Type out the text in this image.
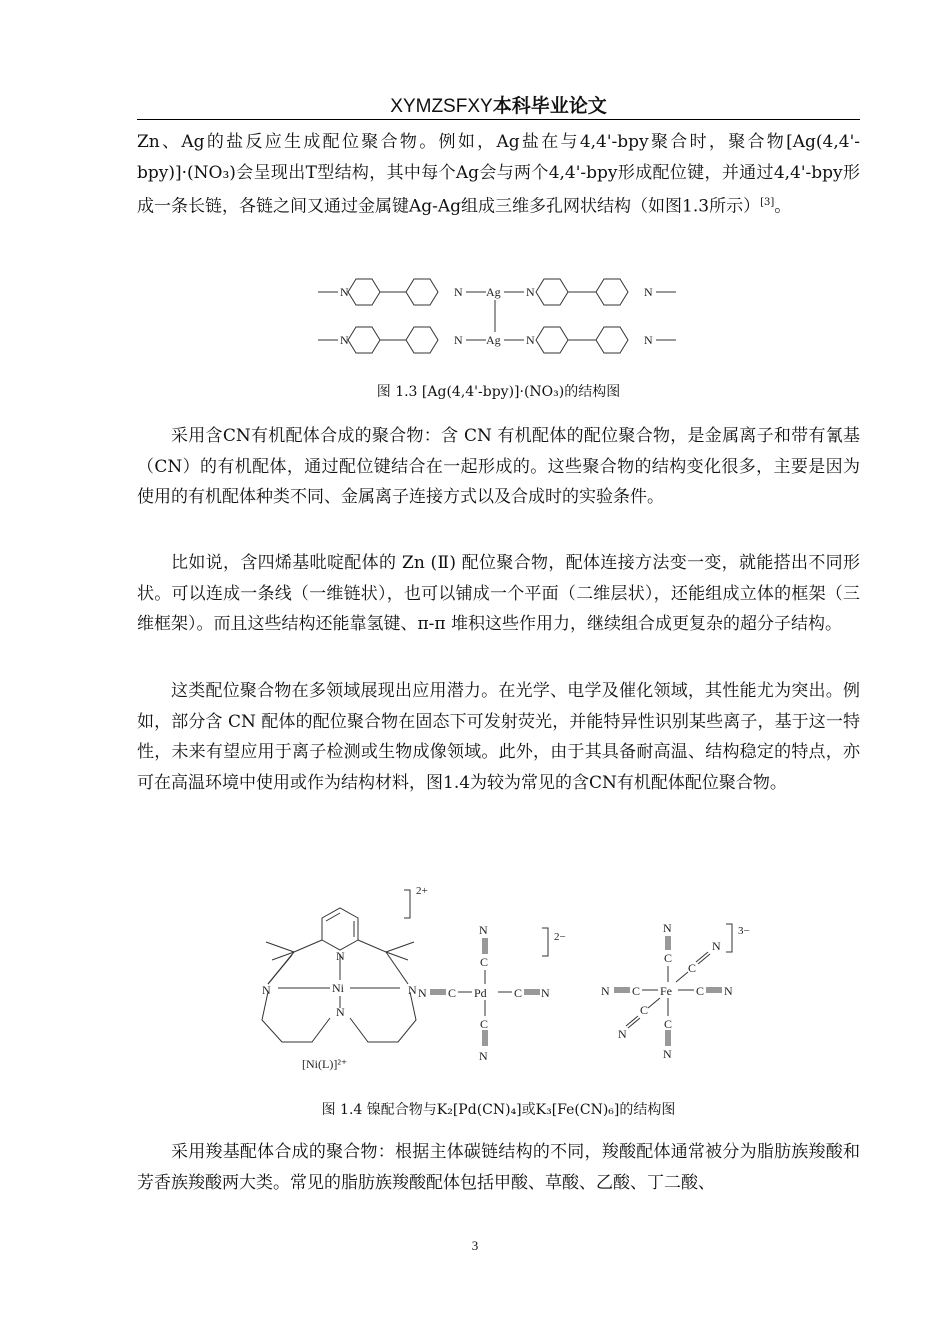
XYMZSFXY本科毕业论文

Zn、Ag的盐反应生成配位聚合物。例如，Ag盐在与4,4'-bpy聚合时，聚合物[Ag(4,4'-bpy)]·(NO₃)会呈现出T型结构，其中每个Ag会与两个4,4'-bpy形成配位键，并通过4,4'-bpy形成一条长链，各链之间又通过金属键Ag-Ag组成三维多孔网状结构（如图1.3所示）[3]。

N	N Ag N	N
N	N Ag N	N
图 1.3 [Ag(4,4'-bpy)]·(NO₃)的结构图

采用含CN有机配体合成的聚合物：含 CN 有机配体的配位聚合物，是金属离子和带有氰基（CN）的有机配体，通过配位键结合在一起形成的。这些聚合物的结构变化很多，主要是因为使用的有机配体种类不同、金属离子连接方式以及合成时的实验条件。

比如说，含四烯基吡啶配体的 Zn (Ⅱ) 配位聚合物，配体连接方法变一变，就能搭出不同形状。可以连成一条线（一维链状），也可以铺成一个平面（二维层状），还能组成立体的框架（三维框架）。而且这些结构还能靠氢键、π-π 堆积这些作用力，继续组合成更复杂的超分子结构。

这类配位聚合物在多领域展现出应用潜力。在光学、电学及催化领域，其性能尤为突出。例如，部分含 CN 配体的配位聚合物在固态下可发射荧光，并能特异性识别某些离子，基于这一特性，未来有望应用于离子检测或生物成像领域。此外，由于其具备耐高温、结构稳定的特点，亦可在高温环境中使用或作为结构材料，图1.4为较为常见的含CN有机配体配位聚合物。

N	N
N
Ni
N
2+
[Ni(L)]²⁺
N
C
Pd
C
N
N C	C N
2−
N
C
Fe
C
N
N C	C N
C
N
C
N
3−
图 1.4 镍配合物与K₂[Pd(CN)₄]或K₃[Fe(CN)₆]的结构图

采用羧基配体合成的聚合物：根据主体碳链结构的不同，羧酸配体通常被分为脂肪族羧酸和芳香族羧酸两大类。常见的脂肪族羧酸配体包括甲酸、草酸、乙酸、丁二酸、

3
